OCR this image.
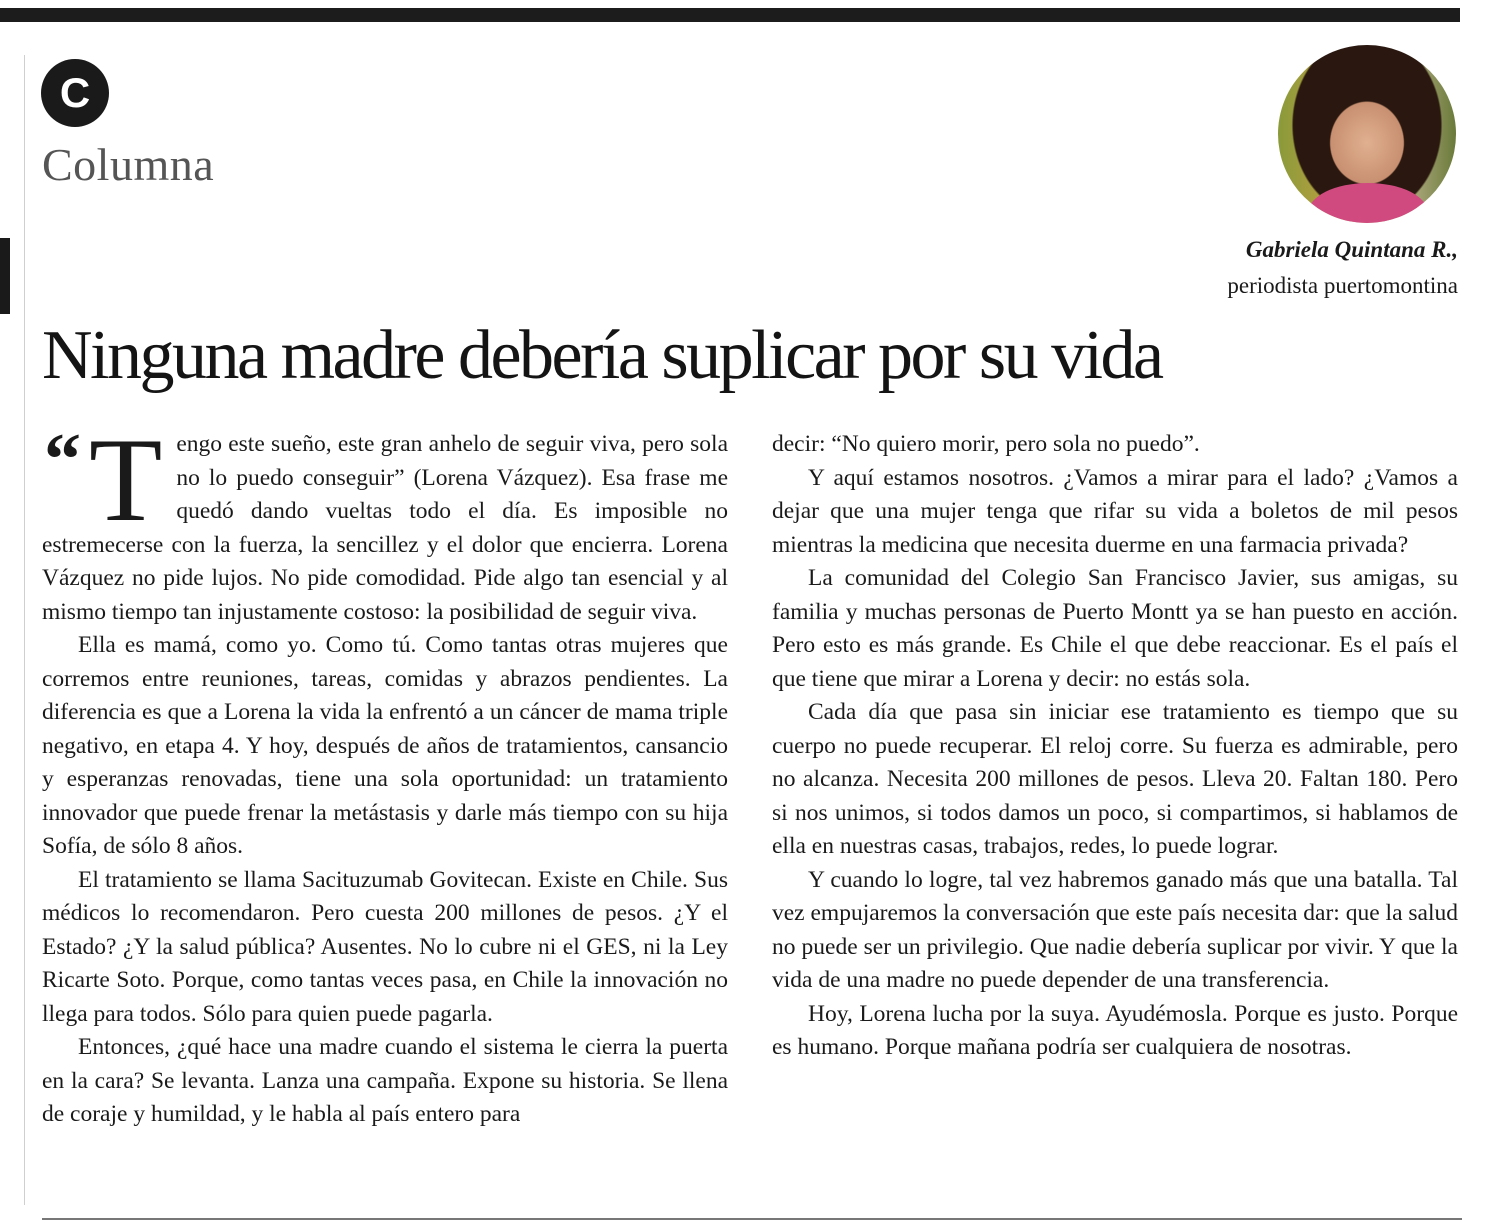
C
Columna
Gabriela Quintana R.,
periodista puertomontina
Ninguna madre debería suplicar por su vida

“ T engo este sueño, este gran anhelo de seguir viva, pero sola no lo puedo conseguir” (Lorena Vázquez). Esa frase me quedó dando vueltas todo el día. Es imposible no estremecerse con la fuerza, la sencillez y el dolor que encierra. Lorena Vázquez no pide lujos. No pide comodidad. Pide algo tan esencial y al mismo tiempo tan injustamente costoso: la posibilidad de seguir viva.

Ella es mamá, como yo. Como tú. Como tantas otras mujeres que corremos entre reuniones, tareas, comidas y abrazos pendientes. La diferencia es que a Lorena la vida la enfrentó a un cáncer de mama triple negativo, en etapa 4. Y hoy, después de años de tratamientos, cansancio y esperanzas renovadas, tiene una sola oportunidad: un tratamiento innovador que puede frenar la metástasis y darle más tiempo con su hija Sofía, de sólo 8 años.

El tratamiento se llama Sacituzumab Govitecan. Existe en Chile. Sus médicos lo recomendaron. Pero cuesta 200 millones de pesos. ¿Y el Estado? ¿Y la salud pública? Ausentes. No lo cubre ni el GES, ni la Ley Ricarte Soto. Porque, como tantas veces pasa, en Chile la innovación no llega para todos. Sólo para quien puede pagarla.

Entonces, ¿qué hace una madre cuando el sistema le cierra la puerta en la cara? Se levanta. Lanza una campaña. Expone su historia. Se llena de coraje y humildad, y le habla al país entero para

decir: “No quiero morir, pero sola no puedo”.

Y aquí estamos nosotros. ¿Vamos a mirar para el lado? ¿Vamos a dejar que una mujer tenga que rifar su vida a boletos de mil pesos mientras la medicina que necesita duerme en una farmacia privada?

La comunidad del Colegio San Francisco Javier, sus amigas, su familia y muchas personas de Puerto Montt ya se han puesto en acción. Pero esto es más grande. Es Chile el que debe reaccionar. Es el país el que tiene que mirar a Lorena y decir: no estás sola.

Cada día que pasa sin iniciar ese tratamiento es tiempo que su cuerpo no puede recuperar. El reloj corre. Su fuerza es admirable, pero no alcanza. Necesita 200 millones de pesos. Lleva 20. Faltan 180. Pero si nos unimos, si todos damos un poco, si compartimos, si hablamos de ella en nuestras casas, trabajos, redes, lo puede lograr.

Y cuando lo logre, tal vez habremos ganado más que una batalla. Tal vez empujaremos la conversación que este país necesita dar: que la salud no puede ser un privilegio. Que nadie debería suplicar por vivir. Y que la vida de una madre no puede depender de una transferencia.

Hoy, Lorena lucha por la suya. Ayudémosla. Porque es justo. Porque es humano. Porque mañana podría ser cualquiera de nosotras.
